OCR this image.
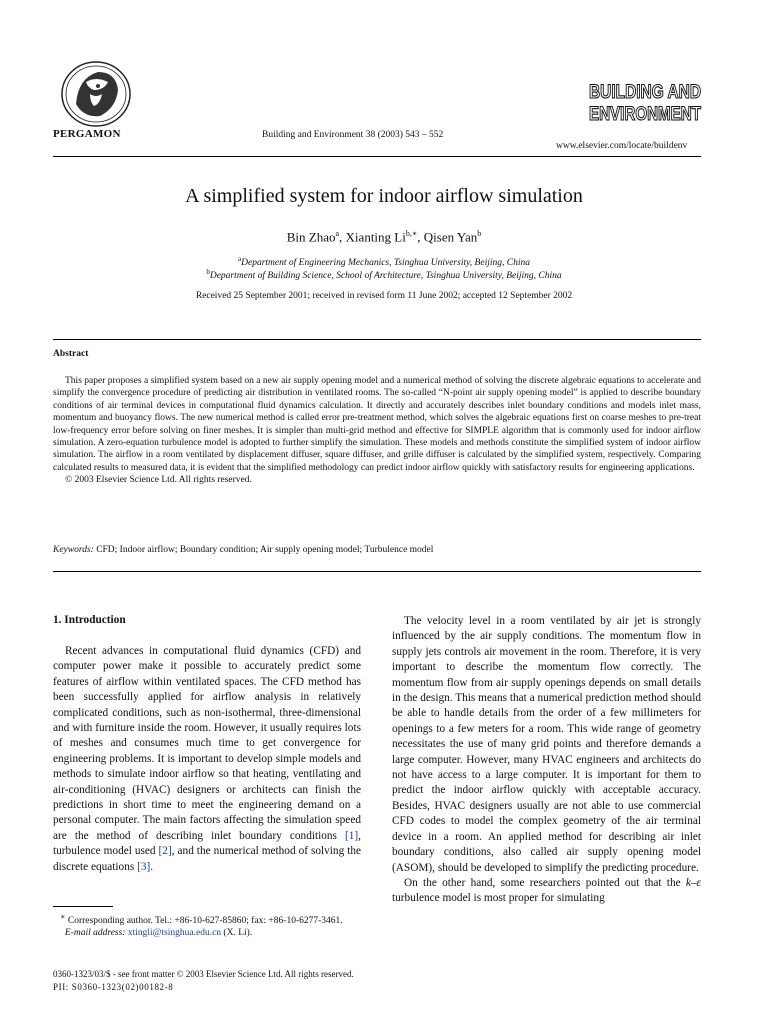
PERGAMON	Building and Environment 38 (2003) 543 – 552
BUILDING AND
ENVIRONMENT
www.elsevier.com/locate/buildenv
A simplified system for indoor airflow simulation
Bin Zhao$^a$, Xianting $Li^{b,∗}$, Qisen Yan$^b$
$^a$Department of Engineering Mechanics, Tsinghua University, Beijing, China
$^b$Department of Building Science, School of Architecture, Tsinghua University, Beijing, China
Received 25 September 2001; received in revised form 11 June 2002; accepted 12 September 2002
Abstract

This paper proposes a simplified system based on a new air supply opening model and a numerical method of solving the discrete algebraic equations to accelerate and simplify the convergence procedure of predicting air distribution in ventilated rooms. The so-called “N-point air supply opening model” is applied to describe boundary conditions of air terminal devices in computational fluid dynamics calculation. It directly and accurately describes inlet boundary conditions and models inlet mass, momentum and buoyancy flows. The new numerical method is called error pre-treatment method, which solves the algebraic equations first on coarse meshes to pre-treat low-frequency error before solving on finer meshes. It is simpler than multi-grid method and effective for SIMPLE algorithm that is commonly used for indoor airflow simulation. A zero-equation turbulence model is adopted to further simplify the simulation. These models and methods constitute the simplified system of indoor airflow simulation. The airflow in a room ventilated by displacement diffuser, square diffuser, and grille diffuser is calculated by the simplified system, respectively. Comparing calculated results to measured data, it is evident that the simplified methodology can predict indoor airflow quickly with satisfactory results for engineering applications.

© 2003 Elsevier Science Ltd. All rights reserved.

Keywords: CFD; Indoor airflow; Boundary condition; Air supply opening model; Turbulence model
1. Introduction

Recent advances in computational fluid dynamics (CFD) and computer power make it possible to accurately predict some features of airflow within ventilated spaces. The CFD method has been successfully applied for airflow analysis in relatively complicated conditions, such as non-isothermal, three-dimensional and with furniture inside the room. However, it usually requires lots of meshes and consumes much time to get convergence for engineering problems. It is important to develop simple models and methods to simulate indoor airflow so that heating, ventilating and air-conditioning (HVAC) designers or architects can finish the predictions in short time to meet the engineering demand on a personal computer. The main factors affecting the simulation speed are the method of describing inlet boundary conditions [1], turbulence model used [2], and the numerical method of solving the discrete equations [3].

The velocity level in a room ventilated by air jet is strongly influenced by the air supply conditions. The momentum flow in supply jets controls air movement in the room. Therefore, it is very important to describe the momentum flow correctly. The momentum flow from air supply openings depends on small details in the design. This means that a numerical prediction method should be able to handle details from the order of a few millimeters for openings to a few meters for a room. This wide range of geometry necessitates the use of many grid points and therefore demands a large computer. However, many HVAC engineers and architects do not have access to a large computer. It is important for them to predict the indoor airflow quickly with acceptable accuracy. Besides, HVAC designers usually are not able to use commercial CFD codes to model the complex geometry of the air terminal device in a room. An applied method for describing air inlet boundary conditions, also called air supply opening model (ASOM), should be developed to simplify the predicting procedure.

On the other hand, some researchers pointed out that the k–ε turbulence model is most proper for simulating

∗ Corresponding author. Tel.: +86-10-627-85860; fax: +86-10-6277-3461.

E-mail address: xtingli@tsinghua.edu.cn (X. Li).

0360-1323/03/$ - see front matter © 2003 Elsevier Science Ltd. All rights reserved.
PII: S0360-1323(02)00182-8
